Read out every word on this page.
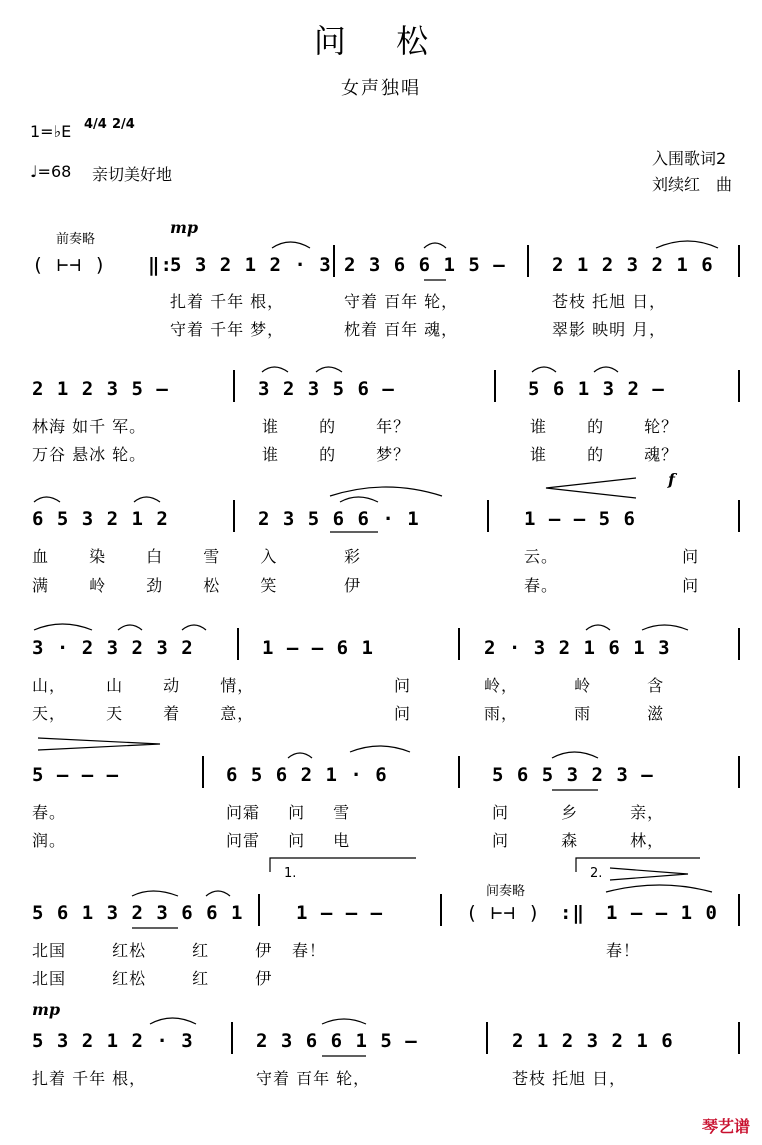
问 松
女声独唱
1=♭E 4/4 2/4
♩=68 亲切美好地
入围歌词2
刘续红　曲
前奏略
( ⊢⊣ )
mp
‖:
5 3 2 1 2 · 3 2 3 6 6 1 5 – 2 1 2 3 2 1 6
扎着 千年 根，	守着 百年 轮，	苍枝 托旭 日，
守着 千年 梦，	枕着 百年 魂，	翠影 映明 月，
2 1 2 3 5 –	3 2 3 5 6 –	5 6 1 3 2 –
林海 如千 军。	谁 的 年？	谁 的 轮？
万谷 悬冰 轮。	谁 的 梦？	谁 的 魂？
f
6 5 3 2 1 2	2 3 5 6 6 · 1	1 – – 5 6
血 染 白 雪 入	彩	云。 问
满 岭 劲 松 笑	伊	春。 问
3 · 2 3 2 3 2	1 – – 6 1	2 · 3 2 1 6 1 3
山， 山 动 情，	问	岭， 岭 含
天， 天 着 意，	问	雨， 雨 滋
5 – – –	6 5 6 2 1 · 6	5 6 5 3 2 3 –
春。	问霜 问 雪	问 乡 亲，
润。	问雷 问 电	问 森 林，
1.	2.
间奏略
5 6 1 3 2 3 6 6 1	1 – – –	( ⊢⊣ ) :‖ 1 – – 1 0
北国 红松 红 伊 春！	春！
北国 红松 红 伊
mp
5 3 2 1 2 · 3	2 3 6 6 1 5 –	2 1 2 3 2 1 6
扎着 千年 根，	守着 百年 轮，	苍枝 托旭 日，
琴艺谱
